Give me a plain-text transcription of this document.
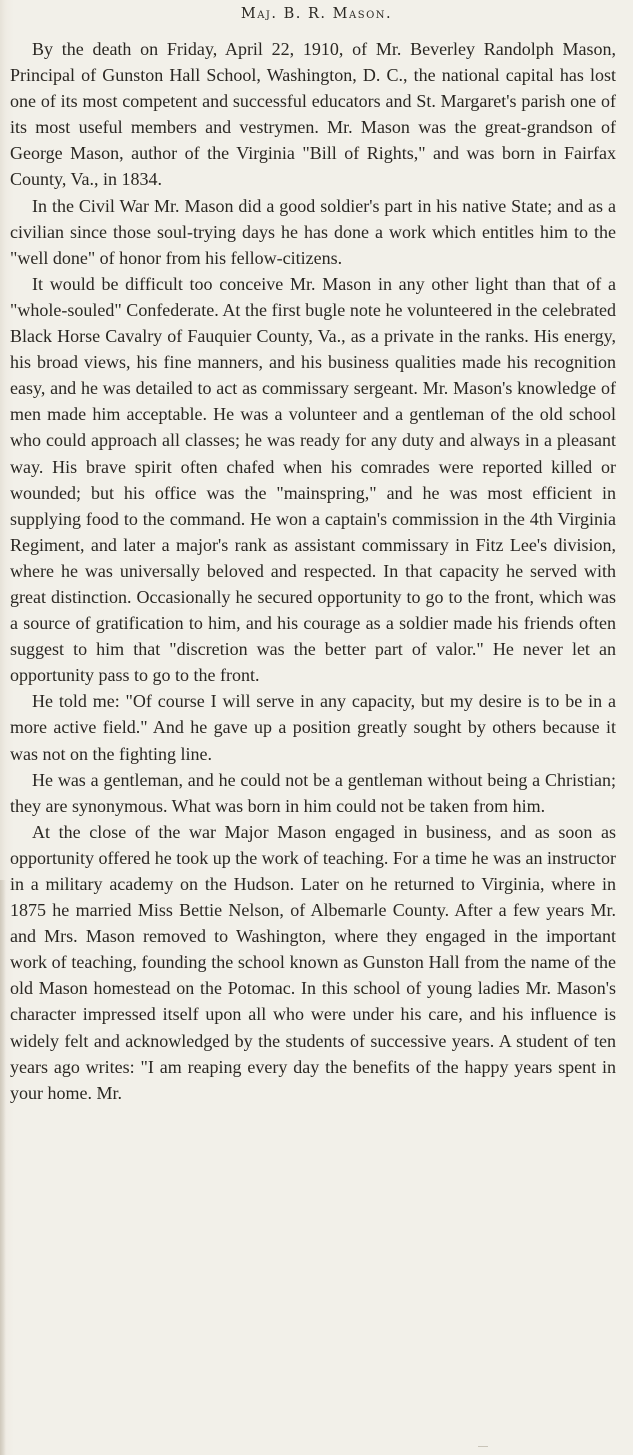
Maj. B. R. Mason.

By the death on Friday, April 22, 1910, of Mr. Beverley Randolph Mason, Principal of Gunston Hall School, Washington, D. C., the national capital has lost one of its most competent and successful educators and St. Margaret's parish one of its most useful members and vestrymen. Mr. Mason was the great-grandson of George Mason, author of the Virginia "Bill of Rights," and was born in Fairfax County, Va., in 1834.

In the Civil War Mr. Mason did a good soldier's part in his native State; and as a civilian since those soul-trying days he has done a work which entitles him to the "well done" of honor from his fellow-citizens.

It would be difficult too conceive Mr. Mason in any other light than that of a "whole-souled" Confederate. At the first bugle note he volunteered in the celebrated Black Horse Cavalry of Fauquier County, Va., as a private in the ranks. His energy, his broad views, his fine manners, and his business qualities made his recognition easy, and he was detailed to act as commissary sergeant. Mr. Mason's knowledge of men made him acceptable. He was a volunteer and a gentleman of the old school who could approach all classes; he was ready for any duty and always in a pleasant way. His brave spirit often chafed when his comrades were reported killed or wounded; but his office was the "mainspring," and he was most efficient in supplying food to the command. He won a captain's commission in the 4th Virginia Regiment, and later a major's rank as assistant commissary in Fitz Lee's division, where he was universally beloved and respected. In that capacity he served with great distinction. Occasionally he secured opportunity to go to the front, which was a source of gratification to him, and his courage as a soldier made his friends often suggest to him that "discretion was the better part of valor." He never let an opportunity pass to go to the front.

He told me: "Of course I will serve in any capacity, but my desire is to be in a more active field." And he gave up a position greatly sought by others because it was not on the fighting line.

He was a gentleman, and he could not be a gentleman without being a Christian; they are synonymous. What was born in him could not be taken from him.

At the close of the war Major Mason engaged in business, and as soon as opportunity offered he took up the work of teaching. For a time he was an instructor in a military academy on the Hudson. Later on he returned to Virginia, where in 1875 he married Miss Bettie Nelson, of Albemarle County. After a few years Mr. and Mrs. Mason removed to Washington, where they engaged in the important work of teaching, founding the school known as Gunston Hall from the name of the old Mason homestead on the Potomac. In this school of young ladies Mr. Mason's character impressed itself upon all who were under his care, and his influence is widely felt and acknowledged by the students of successive years. A student of ten years ago writes: "I am reaping every day the benefits of the happy years spent in your home. Mr.
